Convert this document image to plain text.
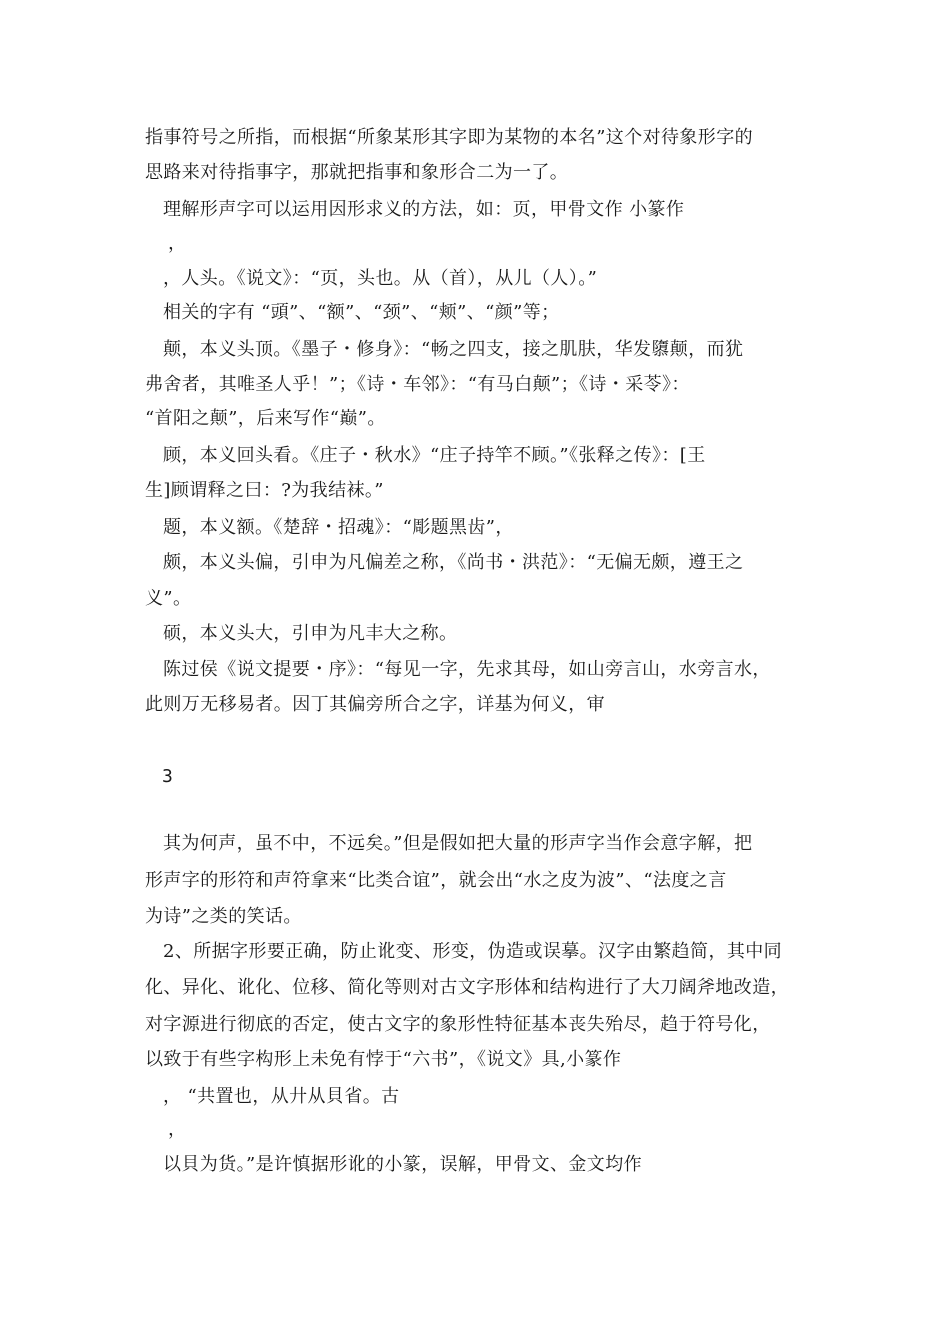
指事符号之所指，而根据“所象某形其字即为某物的本名”这个对待象形字的
思路来对待指事字，那就把指事和象形合二为一了。
理解形声字可以运用因形求义的方法，如：页，甲骨文作 小篆作
，
，人头。《说文》：“页，头也。从（首），从儿（人）。”
相关的字有 “頭”、“额”、“颈”、“颊”、“颜”等；
颠，本义头顶。《墨子・修身》：“畅之四支，接之肌肤，华发隳颠，而犹
弗舍者，其唯圣人乎！”；《诗・车邻》：“有马白颠”；《诗・采苓》：
“首阳之颠”，后来写作“巅”。
顾，本义回头看。《庄子・秋水》“庄子持竿不顾。”《张释之传》：[王
生]顾谓释之曰：?为我结袜。”
题，本义额。《楚辞・招魂》：“彫题黑齿”，
颇，本义头偏，引申为凡偏差之称，《尚书・洪范》：“无偏无颇，遵王之
义”。
硕，本义头大，引申为凡丰大之称。
陈过侯《说文提要・序》：“每见一字，先求其母，如山旁言山，水旁言水，
此则万无移易者。因丁其偏旁所合之字，详基为何义，审
3
其为何声，虽不中，不远矣。”但是假如把大量的形声字当作会意字解，把
形声字的形符和声符拿来“比类合谊”，就会出“水之皮为波”、“法度之言
为诗”之类的笑话。
2、所据字形要正确，防止讹变、形变，伪造或误摹。汉字由繁趋简，其中同
化、异化、讹化、位移、简化等则对古文字形体和结构进行了大刀阔斧地改造，
对字源进行彻底的否定，使古文字的象形性特征基本丧失殆尽，趋于符号化，
以致于有些字构形上未免有悖于“六书”，《说文》具,小篆作
， “共置也，从廾从貝省。古
，
以貝为货。”是许慎据形讹的小篆，误解，甲骨文、金文均作
